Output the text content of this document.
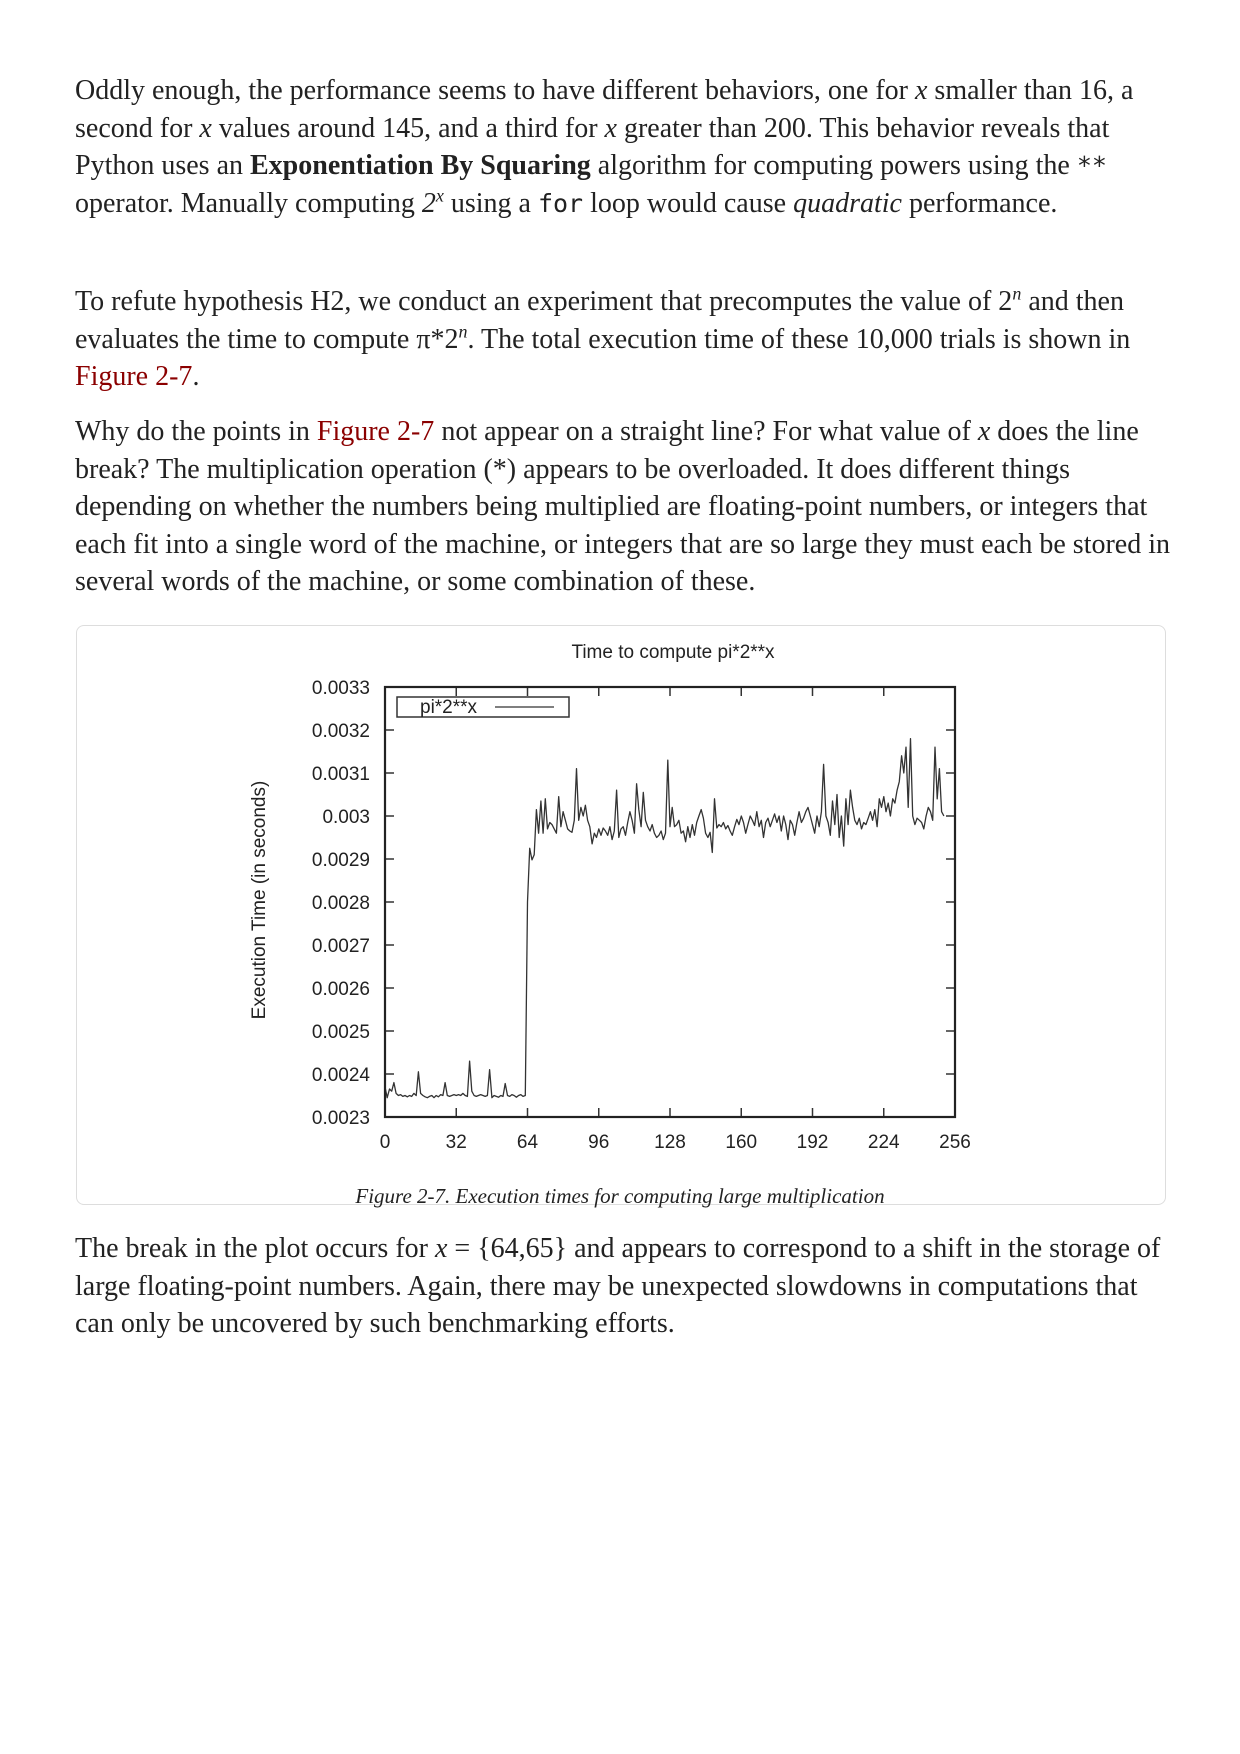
Oddly enough, the performance seems to have different behaviors, one for x smaller than 16, a second for x values around 145, and a third for x greater than 200. This behavior reveals that Python uses an Exponentiation By Squaring algorithm for computing powers using the ** operator. Manually computing 2$^x$ using a for loop would cause quadratic performance.

To refute hypothesis H2, we conduct an experiment that precomputes the value of 2$^n$ and then evaluates the time to compute π*2$^n$. The total execution time of these 10,000 trials is shown in Figure 2-7.

Why do the points in Figure 2-7 not appear on a straight line? For what value of x does the line break? The multiplication operation (*) appears to be overloaded. It does different things depending on whether the numbers being multiplied are floating-point numbers, or integers that each fit into a single word of the machine, or integers that are so large they must each be stored in several words of the machine, or some combination of these.

Time to compute pi*2**x
Execution Time (in seconds)
0.0023
0.0024
0.0025
0.0026
0.0027
0.0028
0.0029
0.003
0.0031
0.0032
0.0033
0	32	64	96 128 160 192 224 256
pi*2**x
Figure 2-7. Execution times for computing large multiplication

The break in the plot occurs for x = {64,65} and appears to correspond to a shift in the storage of large floating-point numbers. Again, there may be unexpected slowdowns in computations that can only be uncovered by such benchmarking efforts.
